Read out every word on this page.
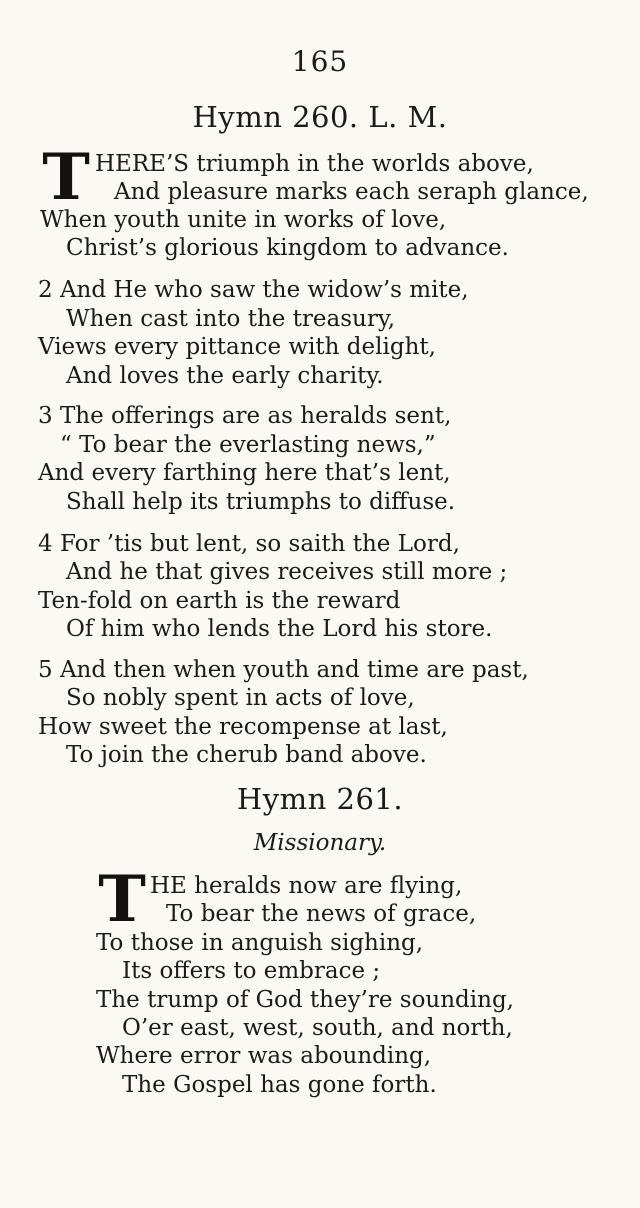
165
Hymn 260. L. M.
T HERE’S triumph in the worlds above,
And pleasure marks each seraph glance,
When youth unite in works of love,
Christ’s glorious kingdom to advance.
2 And He who saw the widow’s mite,
When cast into the treasury,
Views every pittance with delight,
And loves the early charity.
3 The offerings are as heralds sent,
“ To bear the everlasting news,”
And every farthing here that’s lent,
Shall help its triumphs to diffuse.
4 For ’tis but lent, so saith the Lord,
And he that gives receives still more ;
Ten-fold on earth is the reward
Of him who lends the Lord his store.
5 And then when youth and time are past,
So nobly spent in acts of love,
How sweet the recompense at last,
To join the cherub band above.
Hymn 261.
Missionary.
T HE heralds now are flying,
To bear the news of grace,
To those in anguish sighing,
Its offers to embrace ;
The trump of God they’re sounding,
O’er east, west, south, and north,
Where error was abounding,
The Gospel has gone forth.
